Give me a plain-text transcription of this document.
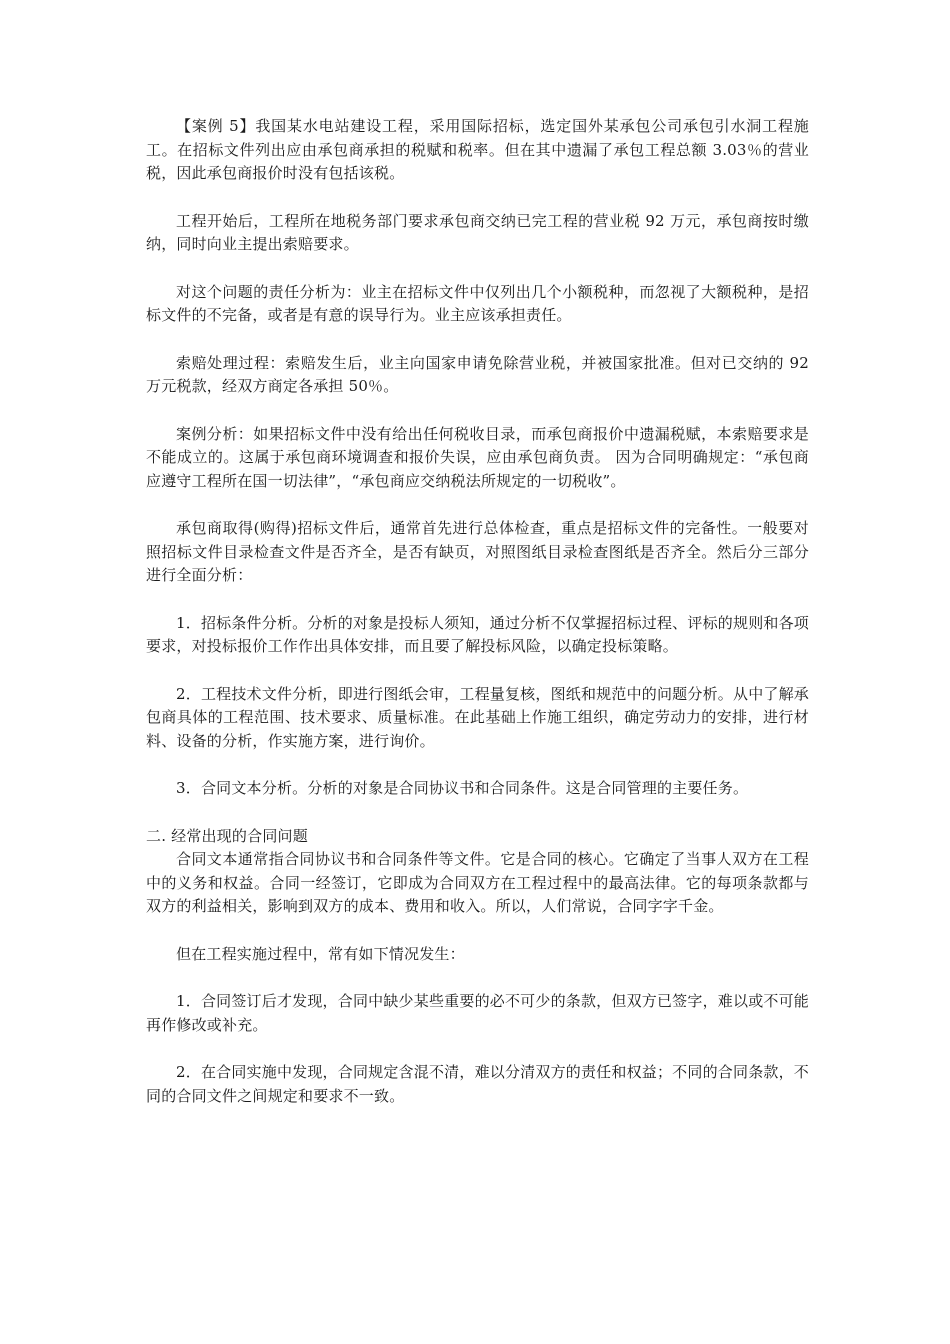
【案例 5】我国某水电站建设工程，采用国际招标，选定国外某承包公司承包引水洞工程施工。在招标文件列出应由承包商承担的税赋和税率。但在其中遗漏了承包工程总额 3.03％的营业税，因此承包商报价时没有包括该税。

工程开始后，工程所在地税务部门要求承包商交纳已完工程的营业税 92 万元，承包商按时缴纳，同时向业主提出索赔要求。

对这个问题的责任分析为：业主在招标文件中仅列出几个小额税种，而忽视了大额税种，是招标文件的不完备，或者是有意的误导行为。业主应该承担责任。

索赔处理过程：索赔发生后，业主向国家申请免除营业税，并被国家批准。但对已交纳的 92 万元税款，经双方商定各承担 50％。

案例分析：如果招标文件中没有给出任何税收目录，而承包商报价中遗漏税赋，本索赔要求是不能成立的。这属于承包商环境调查和报价失误，应由承包商负责。 因为合同明确规定：“承包商应遵守工程所在国一切法律”，“承包商应交纳税法所规定的一切税收”。

承包商取得(购得)招标文件后，通常首先进行总体检查，重点是招标文件的完备性。一般要对照招标文件目录检查文件是否齐全，是否有缺页，对照图纸目录检查图纸是否齐全。然后分三部分进行全面分析：

1．招标条件分析。分析的对象是投标人须知，通过分析不仅掌握招标过程、评标的规则和各项要求，对投标报价工作作出具体安排，而且要了解投标风险，以确定投标策略。

2．工程技术文件分析，即进行图纸会审，工程量复核，图纸和规范中的问题分析。从中了解承包商具体的工程范围、技术要求、质量标准。在此基础上作施工组织，确定劳动力的安排，进行材料、设备的分析，作实施方案，进行询价。

3．合同文本分析。分析的对象是合同协议书和合同条件。这是合同管理的主要任务。

二. 经常出现的合同问题

合同文本通常指合同协议书和合同条件等文件。它是合同的核心。它确定了当事人双方在工程中的义务和权益。合同一经签订，它即成为合同双方在工程过程中的最高法律。它的每项条款都与双方的利益相关，影响到双方的成本、费用和收入。所以，人们常说，合同字字千金。

但在工程实施过程中，常有如下情况发生：

1．合同签订后才发现，合同中缺少某些重要的必不可少的条款，但双方已签字，难以或不可能再作修改或补充。

2．在合同实施中发现，合同规定含混不清，难以分清双方的责任和权益；不同的合同条款，不同的合同文件之间规定和要求不一致。
